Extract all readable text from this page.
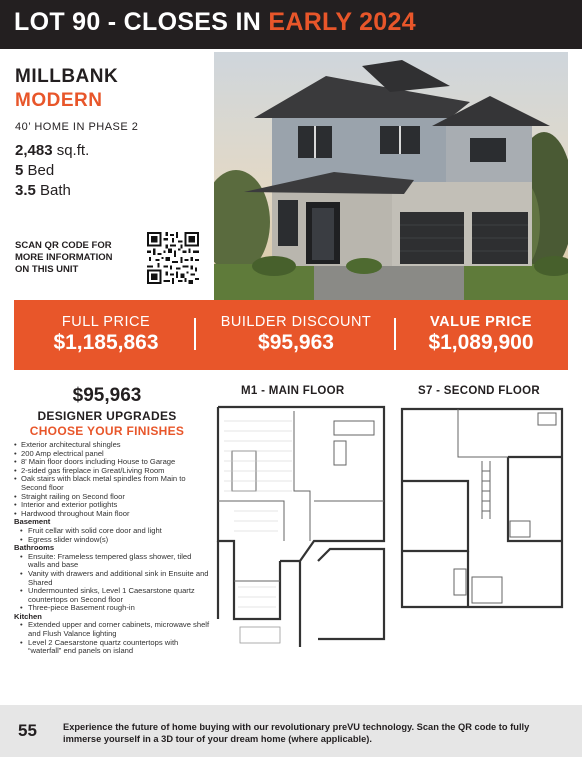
LOT 90 - CLOSES IN EARLY 2024
MILLBANK
MODERN
40’ HOME IN PHASE 2
2,483 sq.ft.
5 Bed
3.5 Bath
SCAN QR CODE FOR
MORE INFORMATION
ON THIS UNIT
FULL PRICE
$1,185,863
BUILDER DISCOUNT
$95,963
VALUE PRICE
$1,089,900
$95,963
DESIGNER UPGRADES
CHOOSE YOUR FINISHES
• Exterior architectural shingles
• 200 Amp electrical panel
• 8' Main floor doors including House to Garage
• 2-sided gas fireplace in Great/Living Room
• Oak stairs with black metal spindles from Main to Second floor
• Straight railing on Second floor
• Interior and exterior potlights
• Hardwood throughout Main floor
Basement
• Fruit cellar with solid core door and light
• Egress slider window(s)
Bathrooms
• Ensuite: Frameless tempered glass shower, tiled walls and base
• Vanity with drawers and additional sink in Ensuite and Shared
• Undermounted sinks, Level 1 Caesarstone quartz countertops on Second floor
• Three-piece Basement rough-in
Kitchen
• Extended upper and corner cabinets, microwave shelf and Flush Valance lighting
• Level 2 Caesarstone quartz countertops with “waterfall” end panels on island
M1 - MAIN FLOOR	S7 - SECOND FLOOR
55	Experience the future of home buying with our revolutionary preVU technology. Scan the QR code to fully immerse yourself in a 3D tour of your dream home (where applicable).
